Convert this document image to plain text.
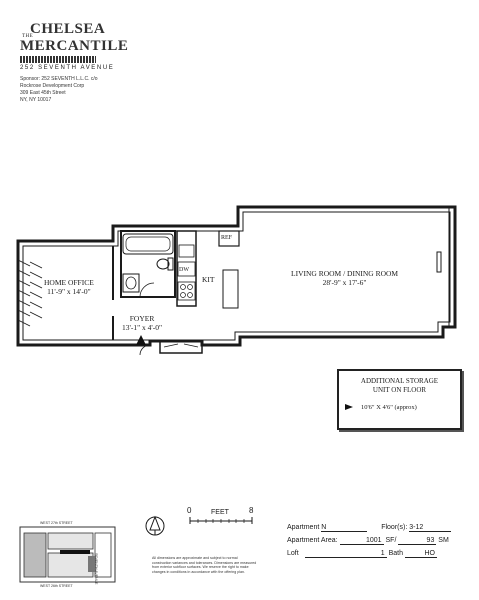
THE
CHELSEA
MERCANTILE
252 SEVENTH AVENUE
Sponsor: 252 SEVENTH L.L.C. c/o
Rockrose Development Corp
309 East 45th Street
NY, NY 10017
HOME OFFICE
11'-9" x 14'-0"
FOYER
13'-1" x 4'-0"
KIT
LIVING ROOM / DINING ROOM
28'-9" x 17'-6"
REF
DW
ADDITIONAL STORAGE
UNIT ON FLOOR
10'6" X 4'6" (approx)
0	FEET	8
WEST 27th STREET
WEST 26th STREET
SEVENTH AVENUE	All dimensions are approximate and subject to normal construction variances and tolerances. Dimensions are measured from exterior subfloor surfaces. We reserve the right to make changes in conditions in accordance with the offering plan.
Apartment N	Floor(s): 3-12
Apartment Area:	1001 SF/	93 SM
Loft	1 Bath	HO
